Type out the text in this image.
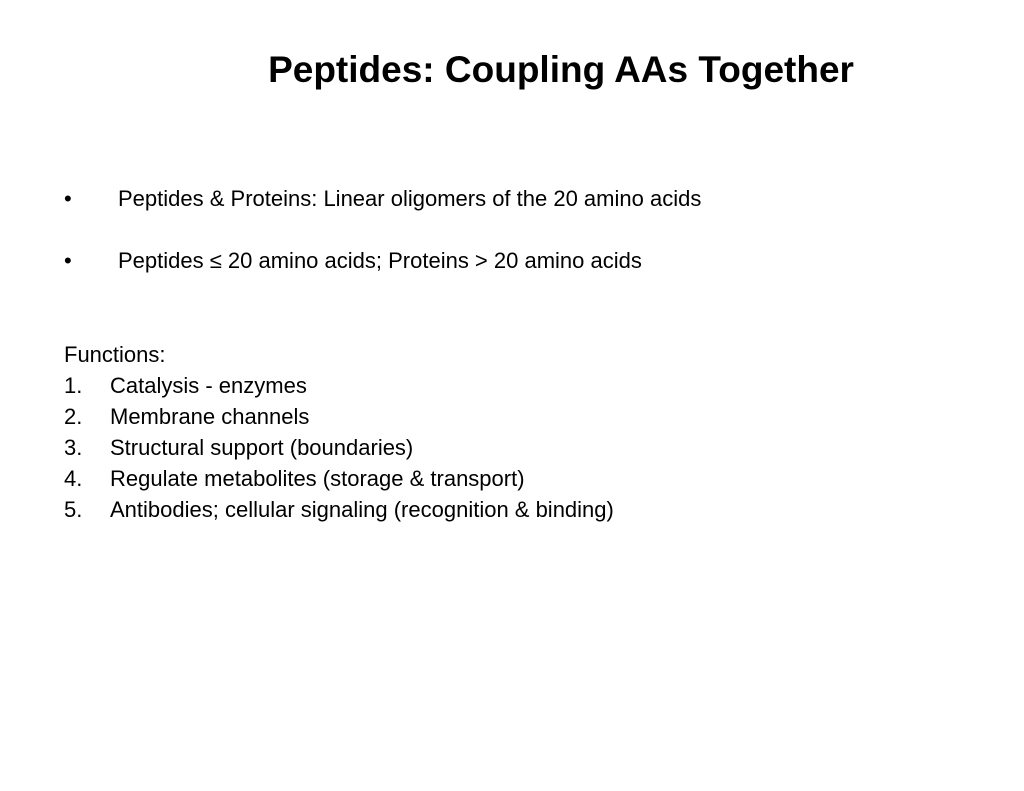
Peptides: Coupling AAs Together
• Peptides & Proteins: Linear oligomers of the 20 amino acids
• Peptides ≤ 20 amino acids; Proteins > 20 amino acids
Functions:
1. Catalysis - enzymes
2. Membrane channels
3. Structural support (boundaries)
4. Regulate metabolites (storage & transport)
5. Antibodies; cellular signaling (recognition & binding)
